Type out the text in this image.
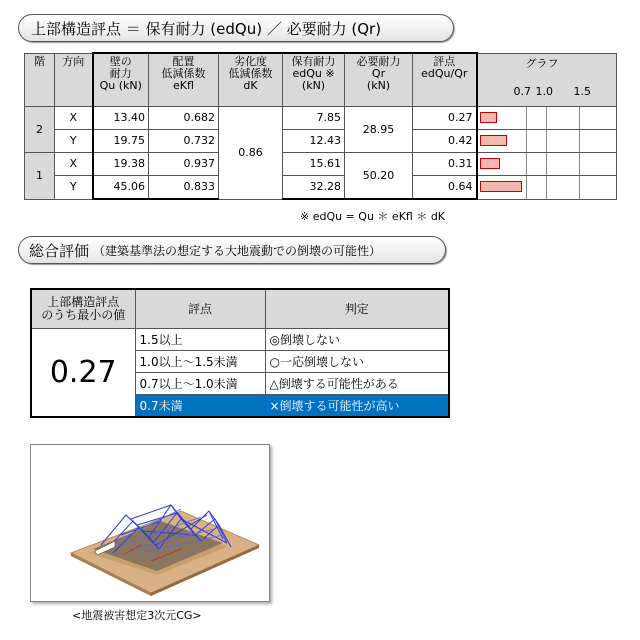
上部構造評点 ＝ 保有耐力 (edQu) ／ 必要耐力 (Qr)
階	方向	壁の
耐力
Qu (kN)	配置
低減係数
eKfl	劣化度
低減係数
dK	保有耐力
edQu ※
(kN)	必要耐力
Qr
(kN)	評点
edQu/Qr	グラフ
0.7 1.0 1.5

2	X	13.40	0.682	0.86	7.85	28.95	0.27	

	Y	19.75	0.732		12.43		0.42	

1	X	19.38	0.937		15.61	50.20	0.31	

	Y	45.06	0.833		32.28		0.64	
※ edQu = Qu ＊ eKfl ＊ dK
総合評価 （建築基準法の想定する大地震動での倒壊の可能性）
上部構造評点
のうち最小の値	評点	判定
0.27	1.5以上	◎倒壊しない
	1.0以上～1.5未満	○一応倒壊しない
	0.7以上～1.0未満	△倒壊する可能性がある
	0.7未満	×倒壊する可能性が高い
<地震被害想定3次元CG>
